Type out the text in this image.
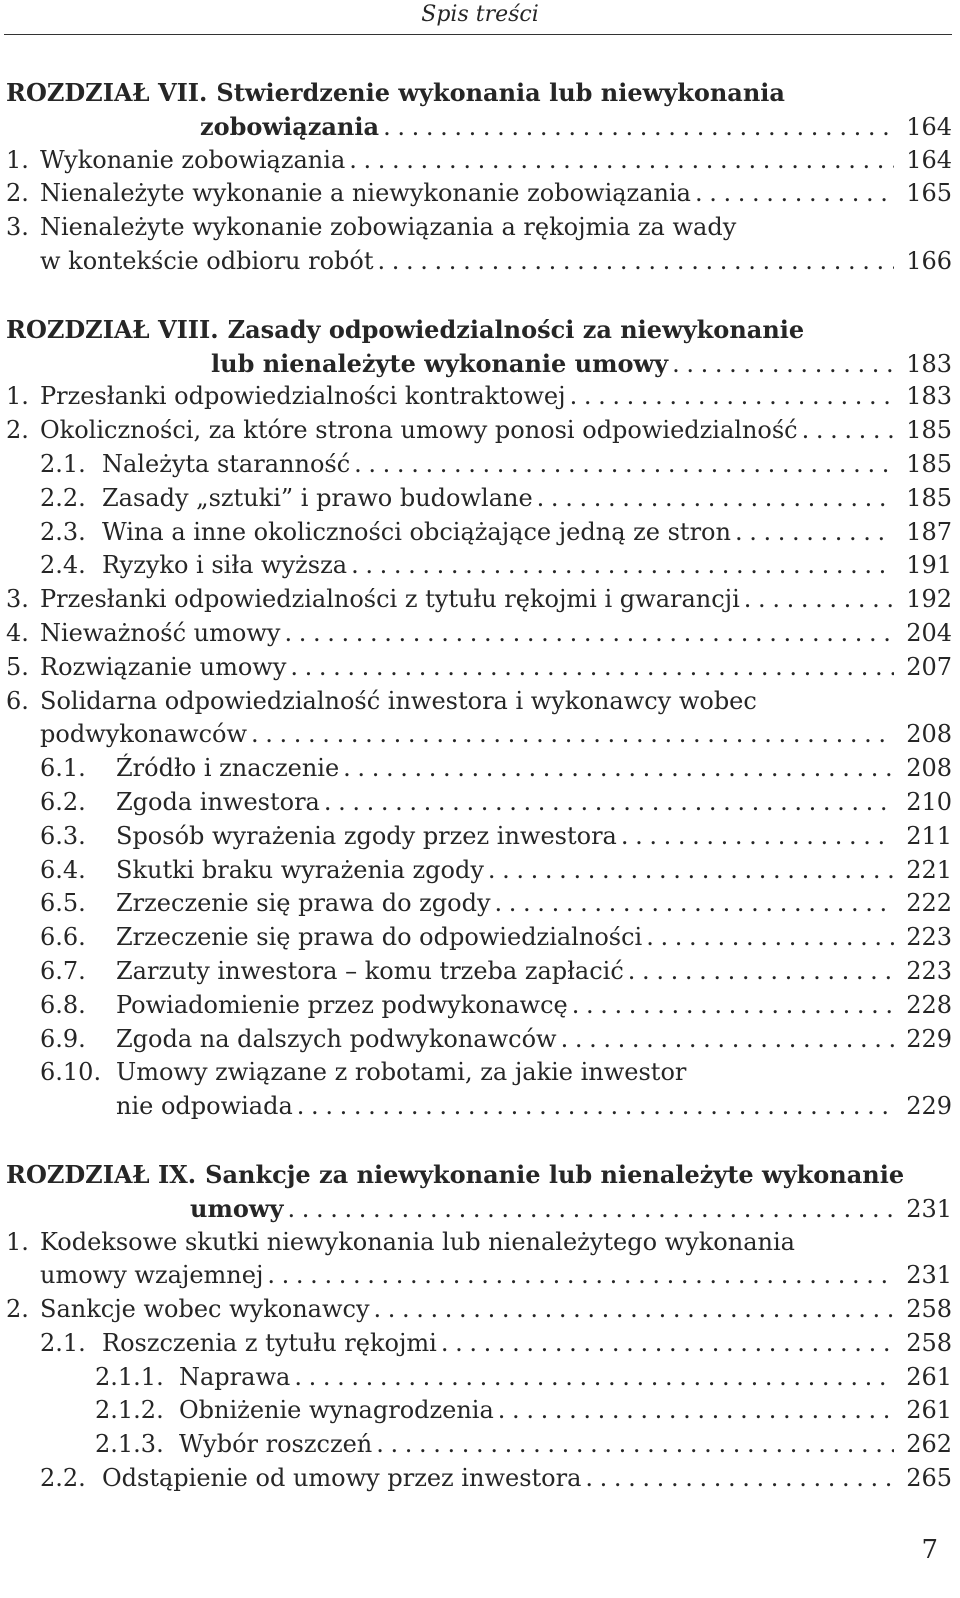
Spis treści
ROZDZIAŁ VII. Stwierdzenie wykonania lub niewykonania
zobowiązania . . .	164
1. Wykonanie zobowiązania . . .	164
2. Nienależyte wykonanie a niewykonanie zobowiązania . . .	165
3. Nienależyte wykonanie zobowiązania a rękojmia za wady
w kontekście odbioru robót . . .	166
ROZDZIAŁ VIII. Zasady odpowiedzialności za niewykonanie
lub nienależyte wykonanie umowy . . .	183
1. Przesłanki odpowiedzialności kontraktowej . . .	183
2. Okoliczności, za które strona umowy ponosi odpowiedzialność . . .	185
2.1. Należyta staranność . . .	185
2.2. Zasady „sztuki” i prawo budowlane . . .	185
2.3. Wina a inne okoliczności obciążające jedną ze stron . . .	187
2.4. Ryzyko i siła wyższa . . .	191
3. Przesłanki odpowiedzialności z tytułu rękojmi i gwarancji . . .	192
4. Nieważność umowy . . .	204
5. Rozwiązanie umowy . . .	207
6. Solidarna odpowiedzialność inwestora i wykonawcy wobec
podwykonawców . . .	208
6.1.	Źródło i znaczenie . . .	208
6.2.	Zgoda inwestora . . .	210
6.3.	Sposób wyrażenia zgody przez inwestora . . .	211
6.4.	Skutki braku wyrażenia zgody . . .	221
6.5.	Zrzeczenie się prawa do zgody . . .	222
6.6.	Zrzeczenie się prawa do odpowiedzialności . . .	223
6.7.	Zarzuty inwestora – komu trzeba zapłacić . . .	223
6.8.	Powiadomienie przez podwykonawcę . . .	228
6.9.	Zgoda na dalszych podwykonawców . . .	229
6.10. Umowy związane z robotami, za jakie inwestor
nie odpowiada . . .	229
ROZDZIAŁ IX. Sankcje za niewykonanie lub nienależyte wykonanie
umowy . . .	231
1. Kodeksowe skutki niewykonania lub nienależytego wykonania
umowy wzajemnej . . .	231
2. Sankcje wobec wykonawcy . . .	258
2.1. Roszczenia z tytułu rękojmi . . .	258
2.1.1. Naprawa . . .	261
2.1.2. Obniżenie wynagrodzenia . . .	261
2.1.3. Wybór roszczeń . . .	262
2.2. Odstąpienie od umowy przez inwestora . . .	265
7
